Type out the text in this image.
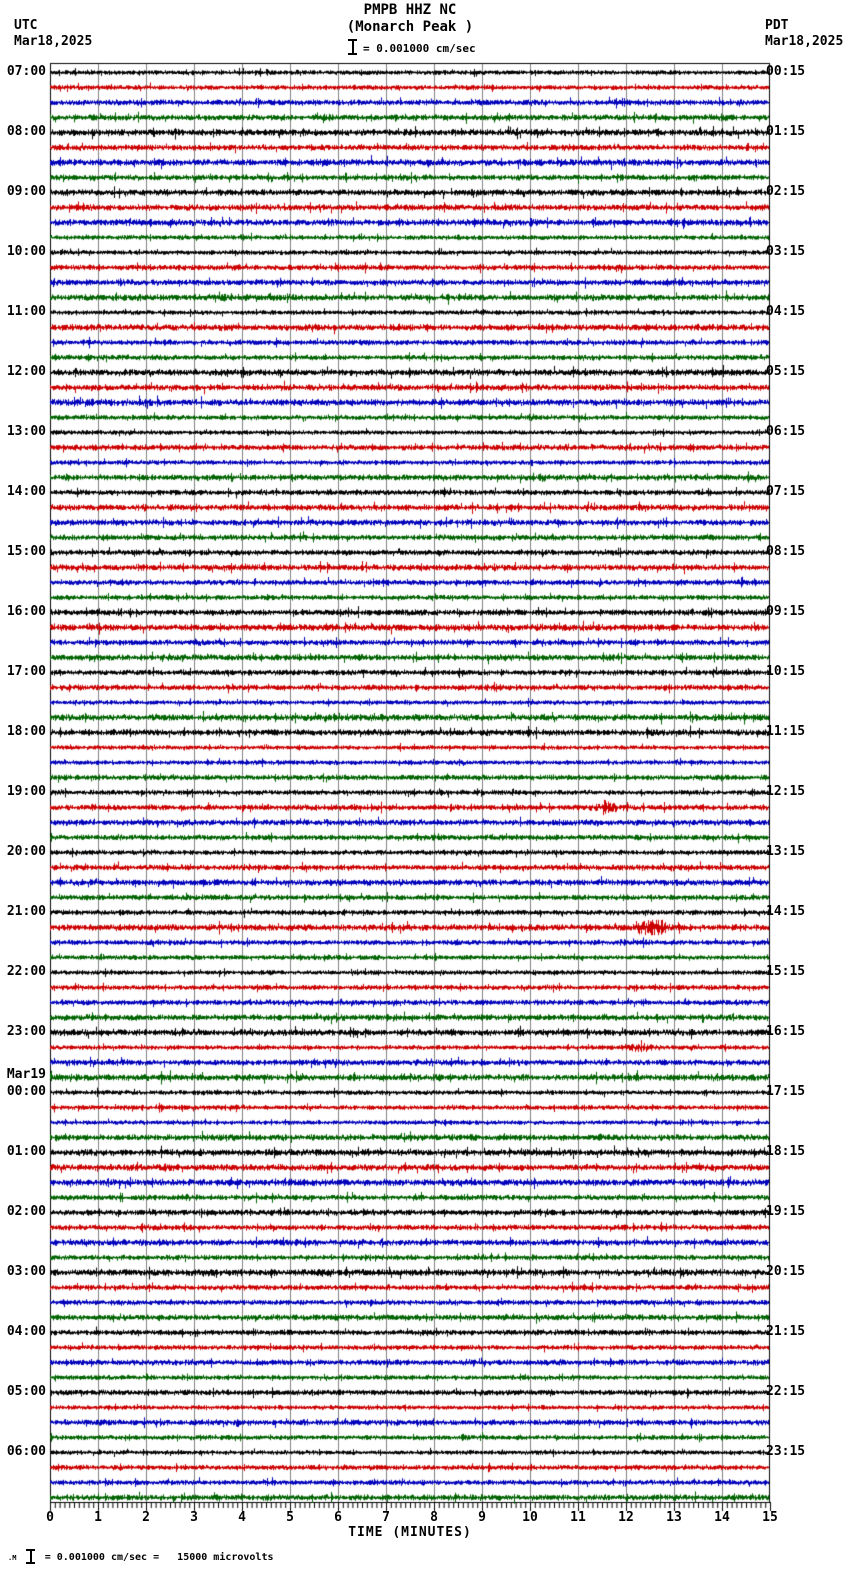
07:00
08:00
09:00
10:00
11:00
12:00
13:00
14:00
15:00
16:00
17:00
18:00
19:00
20:00
21:00
22:00
23:00
Mar19
00:00
01:00
02:00
03:00
04:00
05:00
06:00
00:15
01:15
02:15
03:15
04:15
05:15
06:15
07:15
08:15
09:15
10:15
11:15
12:15
13:15
14:15
15:15
16:15
17:15
18:15
19:15
20:15
21:15
22:15
23:15
0	1	2	3	4	5	6	7	8	9	10 11 12 13 14 15
TIME (MINUTES)
.M	= 0.001000 cm/sec =   15000 microvolts
